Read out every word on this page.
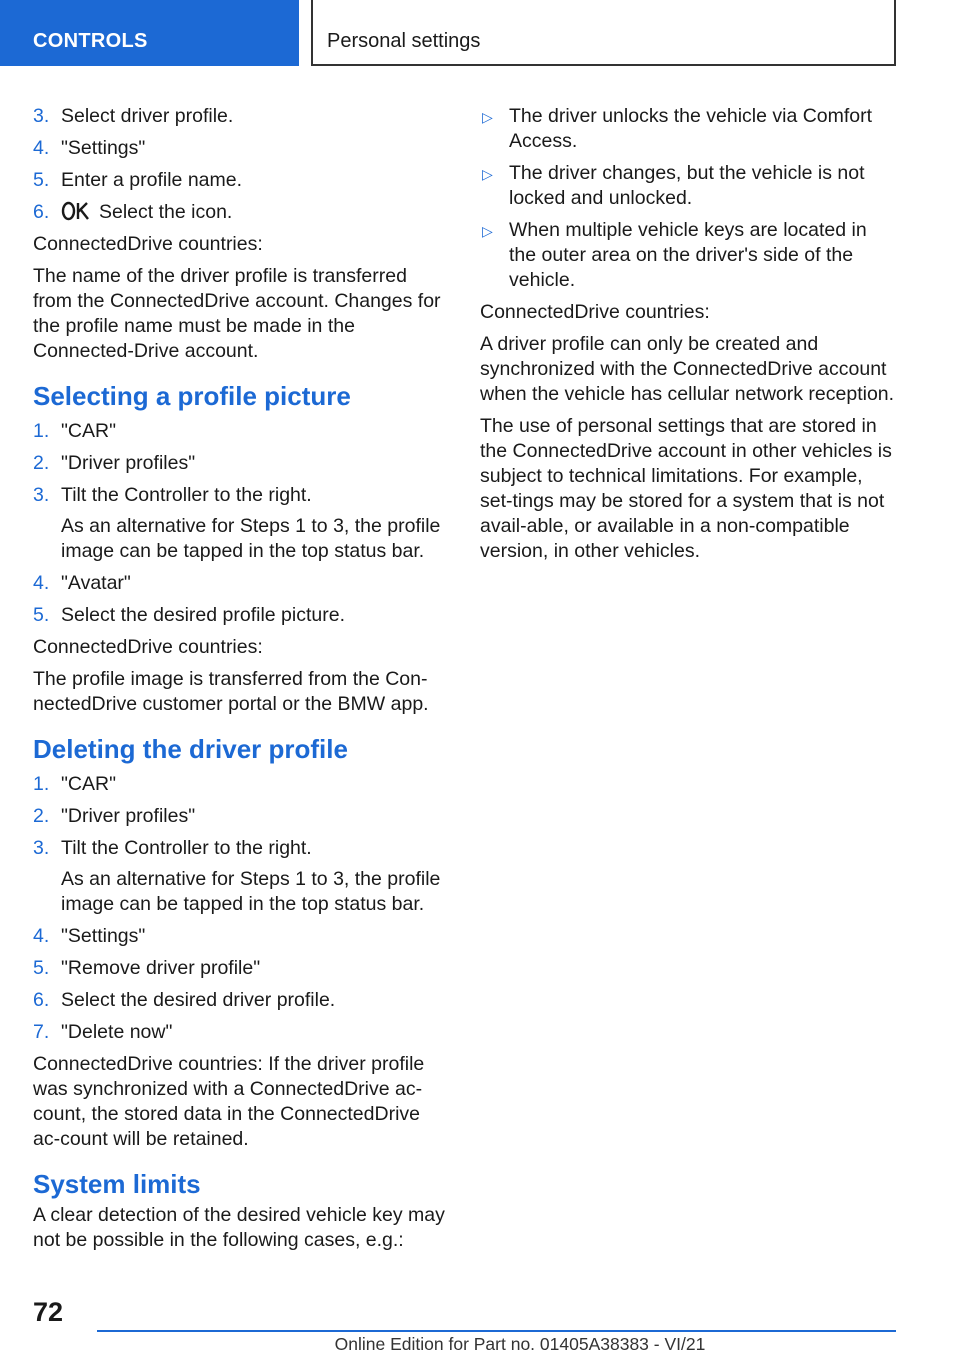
CONTROLS	Personal settings
3. Select driver profile.
4. "Settings"
5. Enter a profile name.
6.	Select the icon.

ConnectedDrive countries:

The name of the driver profile is transferred from the ConnectedDrive account. Changes for the profile name must be made in the Connected‐Drive account.

Selecting a profile picture
1. "CAR"
2. "Driver profiles"
3. Tilt the Controller to the right.

As an alternative for Steps 1 to 3, the profile image can be tapped in the top status bar.

4. "Avatar"
5. Select the desired profile picture.

ConnectedDrive countries:

The profile image is transferred from the Con‐nectedDrive customer portal or the BMW app.

Deleting the driver profile
1. "CAR"
2. "Driver profiles"
3. Tilt the Controller to the right.

As an alternative for Steps 1 to 3, the profile image can be tapped in the top status bar.

4. "Settings"
5. "Remove driver profile"
6. Select the desired driver profile.
7. "Delete now"

ConnectedDrive countries: If the driver profile was synchronized with a ConnectedDrive ac‐count, the stored data in the ConnectedDrive ac‐count will be retained.

System limits

A clear detection of the desired vehicle key may not be possible in the following cases, e.g.:

▷ The driver unlocks the vehicle via Comfort Access.
▷ The driver changes, but the vehicle is not locked and unlocked.
▷ When multiple vehicle keys are located in the outer area on the driver's side of the vehicle.

ConnectedDrive countries:

A driver profile can only be created and synchronized with the ConnectedDrive account when the vehicle has cellular network reception.

The use of personal settings that are stored in the ConnectedDrive account in other vehicles is subject to technical limitations. For example, set‐tings may be stored for a system that is not avail‐able, or available in a non-compatible version, in other vehicles.

72
Online Edition for Part no. 01405A38383 - VI/21
